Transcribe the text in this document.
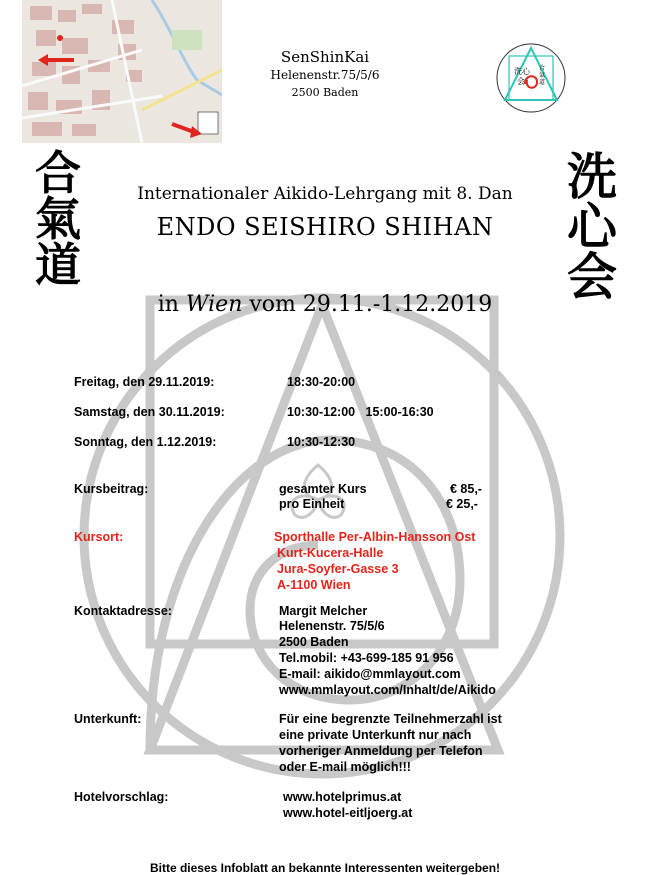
SenShinKai
Helenenstr.75/5/6
2500 Baden
洗心
会
合
氣
道
合
氣
道
洗
心
会
Internationaler Aikido-Lehrgang mit 8. Dan
ENDO SEISHIRO SHIHAN
in Wien vom 29.11.-1.12.2019
Freitag, den 29.11.2019:	18:30-20:00
Samstag, den 30.11.2019:	10:30-12:00   15:00-16:30
Sonntag, den 1.12.2019:	10:30-12:30
Kursbeitrag:	gesamter Kurs	€ 85,-
pro Einheit	€ 25,-
Kursort:	Sporthalle Per-Albin-Hansson Ost
Kurt-Kucera-Halle
Jura-Soyfer-Gasse 3
A-1100 Wien
Kontaktadresse:	Margit Melcher
Helenenstr. 75/5/6
2500 Baden
Tel.mobil: +43-699-185 91 956
E-mail: aikido@mmlayout.com
www.mmlayout.com/Inhalt/de/Aikido
Unterkunft:	Für eine begrenzte Teilnehmerzahl ist
eine private Unterkunft nur nach
vorheriger Anmeldung per Telefon
oder E-mail möglich!!!
Hotelvorschlag:	www.hotelprimus.at
www.hotel-eitljoerg.at
Bitte dieses Infoblatt an bekannte Interessenten weitergeben!
